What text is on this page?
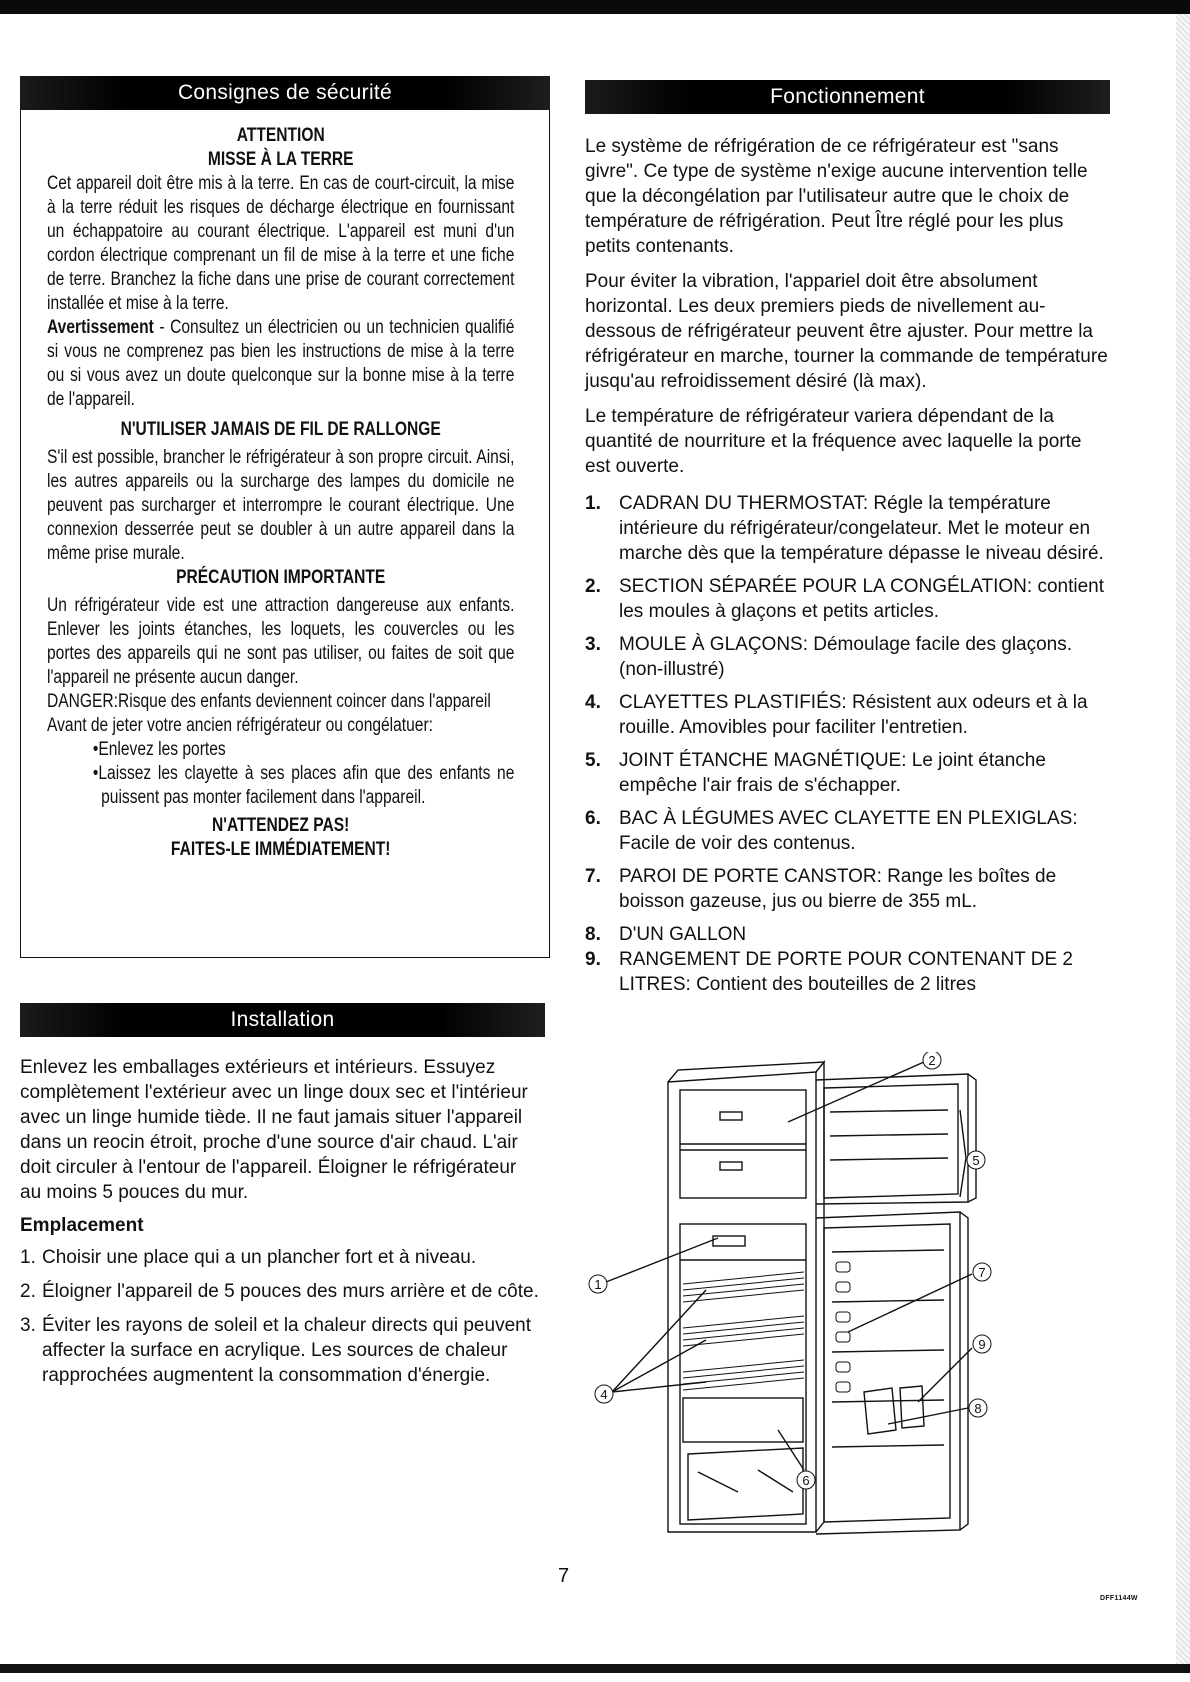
Consignes de sécurité

ATTENTION

MISSE À LA TERRE

Cet appareil doit être mis à la terre. En cas de court-circuit, la mise à la terre réduit les risques de décharge électrique en fournissant un échappatoire au courant électrique. L'appareil est muni d'un cordon électrique comprenant un fil de mise à la terre et une fiche de terre. Branchez la fiche dans une prise de courant correctement installée et mise à la terre.

Avertissement - Consultez un électricien ou un technicien qualifié si vous ne comprenez pas bien les instructions de mise à la terre ou si vous avez un doute quelconque sur la bonne mise à la terre de l'appareil.

N'UTILISER JAMAIS DE FIL DE RALLONGE

S'il est possible, brancher le réfrigérateur à son propre circuit. Ainsi, les autres appareils ou la surcharge des lampes du domicile ne peuvent pas surcharger et interrompre le courant électrique. Une connexion desserrée peut se doubler à un autre appareil dans la même prise murale.

PRÉCAUTION IMPORTANTE

Un réfrigérateur vide est une attraction dangereuse aux enfants. Enlever les joints étanches, les loquets, les couvercles ou les portes des appareils qui ne sont pas utiliser, ou faites de soit que l'appareil ne présente aucun danger.

DANGER:Risque des enfants deviennent coincer dans l'appareil

Avant de jeter votre ancien réfrigérateur ou congélatuer:

•Enlevez les portes

•Laissez les clayette à ses places afin que des enfants ne puissent pas monter facilement dans l'appareil.

N'ATTENDEZ PAS!

FAITES-LE IMMÉDIATEMENT!

Installation

Enlevez les emballages extérieurs et intérieurs. Essuyez complètement l'extérieur avec un linge doux sec et l'intérieur avec un linge humide tiède. Il ne faut jamais situer l'appareil dans un reocin étroit, proche d'une source d'air chaud. L'air doit circuler à l'entour de l'appareil. Éloigner le réfrigérateur au moins 5 pouces du mur.

Emplacement

1. Choisir une place qui a un plancher fort et à niveau.
2. Éloigner l'appareil de 5 pouces des murs arrière et de côte.
3. Éviter les rayons de soleil et la chaleur directs qui peuvent affecter la surface en acrylique. Les sources de chaleur rapprochées augmentent la consommation d'énergie.
Fonctionnement

Le système de réfrigération de ce réfrigérateur est "sans givre". Ce type de système n'exige aucune intervention telle que la décongélation par l'utilisateur autre que le choix de température de réfrigération. Peut Ître réglé pour les plus petits contenants.

Pour éviter la vibration, l'appariel doit être absolument horizontal. Les deux premiers pieds de nivellement au-dessous de réfrigérateur peuvent être ajuster. Pour mettre la réfrigérateur en marche, tourner la commande de température jusqu'au refroidissement désiré (là max).

Le température de réfrigérateur variera dépendant de la quantité de nourriture et la fréquence avec laquelle la porte est ouverte.

1. CADRAN DU THERMOSTAT: Régle la température intérieure du réfrigérateur/congelateur. Met le moteur en marche dès que la température dépasse le niveau désiré.
2. SECTION SÉPARÉE POUR LA CONGÉLATION: contient les moules à glaçons et petits articles.
3. MOULE À GLAÇONS: Démoulage facile des glaçons. (non-illustré)
4. CLAYETTES PLASTIFIÉS: Résistent aux odeurs et à la rouille. Amovibles pour faciliter l'entretien.
5. JOINT ÉTANCHE MAGNÉTIQUE: Le joint étanche empêche l'air frais de s'échapper.
6. BAC À LÉGUMES AVEC CLAYETTE EN PLEXIGLAS: Facile de voir des contenus.
7. PAROI DE PORTE CANSTOR: Range les boîtes de boisson gazeuse, jus ou bierre de 355 mL.
8. D'UN GALLON
9. RANGEMENT DE PORTE POUR CONTENANT DE 2 LITRES: Contient des bouteilles de 2 litres
1
2
4
5
6
7
8
9
7
DFF1144W
